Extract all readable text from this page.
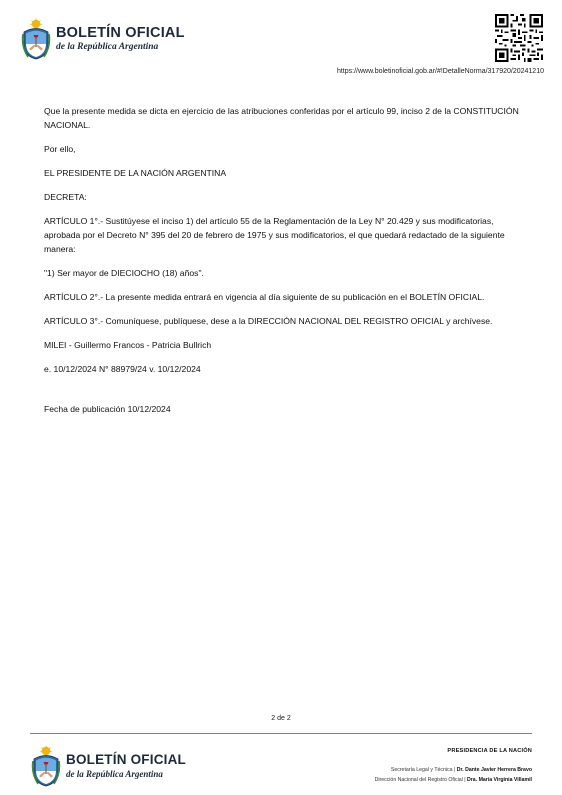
BOLETÍN OFICIAL
de la República Argentina
https://www.boletinoficial.gob.ar/#!DetalleNorma/317920/20241210

Que la presente medida se dicta en ejercicio de las atribuciones conferidas por el artículo 99, inciso 2 de la CONSTITUCIÓN NACIONAL.

Por ello,

EL PRESIDENTE DE LA NACIÓN ARGENTINA

DECRETA:

ARTÍCULO 1°.- Sustitúyese el inciso 1) del artículo 55 de la Reglamentación de la Ley N° 20.429 y sus modificatorias, aprobada por el Decreto N° 395 del 20 de febrero de 1975 y sus modificatorios, el que quedará redactado de la siguiente manera:

"1) Ser mayor de DIECIOCHO (18) años".

ARTÍCULO 2°.- La presente medida entrará en vigencia al día siguiente de su publicación en el BOLETÍN OFICIAL.

ARTÍCULO 3°.- Comuníquese, publíquese, dese a la DIRECCIÓN NACIONAL DEL REGISTRO OFICIAL y archívese.

MILEI - Guillermo Francos - Patricia Bullrich

e. 10/12/2024 N° 88979/24 v. 10/12/2024

Fecha de publicación 10/12/2024

2 de 2
BOLETÍN OFICIAL
de la República Argentina
PRESIDENCIA DE LA NACIÓN
Secretaría Legal y Técnica | Dr. Dante Javier Herrera Bravo
Dirección Nacional del Registro Oficial | Dra. María Virginia Villamil
